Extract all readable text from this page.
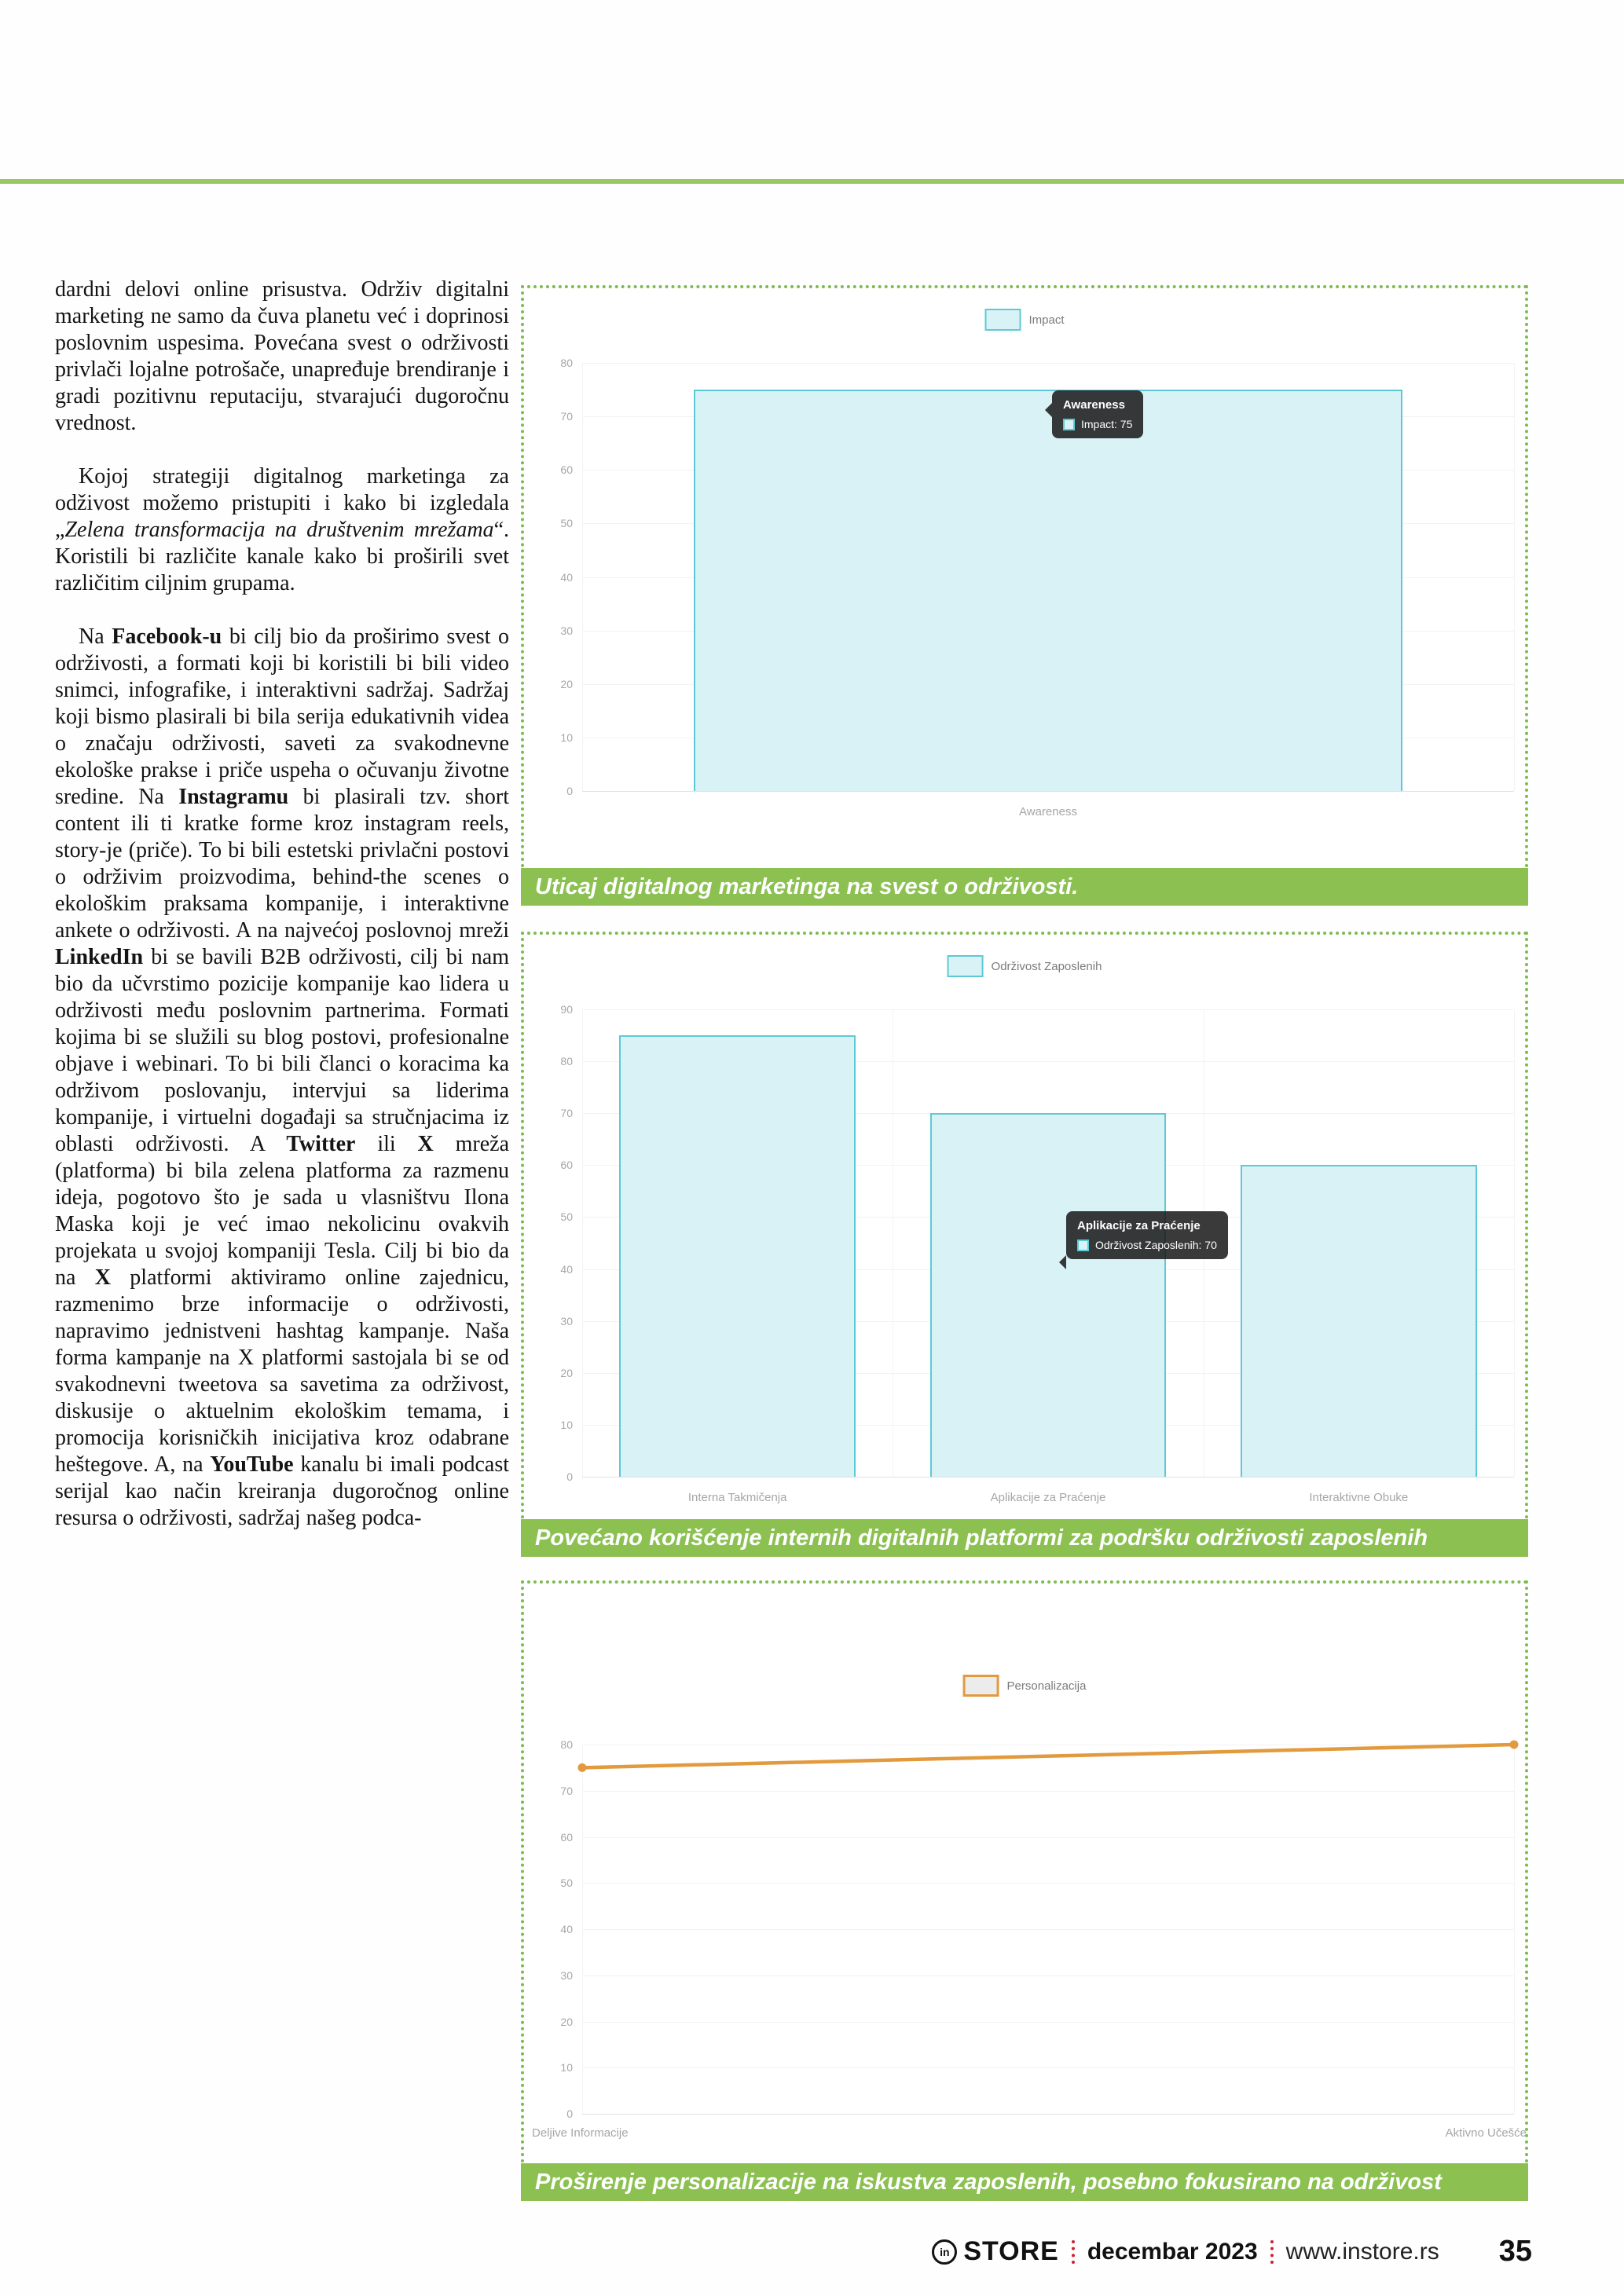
dardni delovi online prisustva. Održiv digitalni marketing ne samo da čuva planetu već i doprinosi poslovnim uspesima. Povećana svest o održivosti privlači lojalne potrošače, unapređuje brendiranje i gradi pozitivnu reputaciju, stvarajući dugoročnu vrednost.

Kojoj strategiji digitalnog marketinga za odživost možemo pristupiti i kako bi izgledala „Zelena transformacija na društvenim mrežama“. Koristili bi različite kanale kako bi proširili svet različitim ciljnim grupama.

Na Facebook-u bi cilj bio da proširimo svest o održivosti, a formati koji bi koristili bi bili video snimci, infografike, i interaktivni sadržaj. Sadržaj koji bismo plasirali bi bila serija edukativnih videa o značaju održivosti, saveti za svakodnevne ekološke prakse i priče uspeha o očuvanju životne sredine. Na Instagramu bi plasirali tzv. short content ili ti kratke forme kroz instagram reels, story-je (priče). To bi bili estetski privlačni postovi o održivim proizvodima, behind-the scenes o ekološkim praksama kompanije, i interaktivne ankete o održivosti. A na najvećoj poslovnoj mreži LinkedIn bi se bavili B2B održivosti, cilj bi nam bio da učvrstimo pozicije kompanije kao lidera u održivosti među poslovnim partnerima. Formati kojima bi se služili su blog postovi, profesionalne objave i webinari. To bi bili članci o koracima ka održivom poslovanju, intervjui sa liderima kompanije, i virtuelni događaji sa stručnjacima iz oblasti održivosti. A Twitter ili X mreža (platforma) bi bila zelena platforma za razmenu ideja, pogotovo što je sada u vlasništvu Ilona Maska koji je već imao nekolicinu ovakvih projekata u svojoj kompaniji Tesla. Cilj bi bio da na X platformi aktiviramo online zajednicu, razmenimo brze informacije o održivosti, napravimo jednistveni hashtag kampanje. Naša forma kampanje na X platformi sastojala bi se od svakodnevni tweetova sa savetima za održivost, diskusije o aktuelnim ekološkim temama, i promocija korisničkih inicijativa kroz odabrane heštegove. A, na YouTube kanalu bi imali podcast serijal kao način kreiranja dugoročnog online resursa o održivosti, sadržaj našeg podca-

Uticaj digitalnog marketinga na svest o održivosti.
Impact
0
10
20
30
40
50
60
70
80
Awareness
Awareness
Impact: 75
Povećano korišćenje internih digitalnih platformi za podršku održivosti zaposlenih
Održivost Zaposlenih
0
10
20
30
40
50
60
70
80
90
Interna Takmičenja	Aplikacije za Praćenje	Interaktivne Obuke
Aplikacije za Praćenje
Održivost Zaposlenih: 70
Proširenje personalizacije na iskustva zaposlenih, posebno fokusirano na održivost
Personalizacija
0
10
20
30
40
50
60
70
80
Deljive Informacije	Aktivno Učešće
in STORE decembar 2023 www.instore.rs 35
